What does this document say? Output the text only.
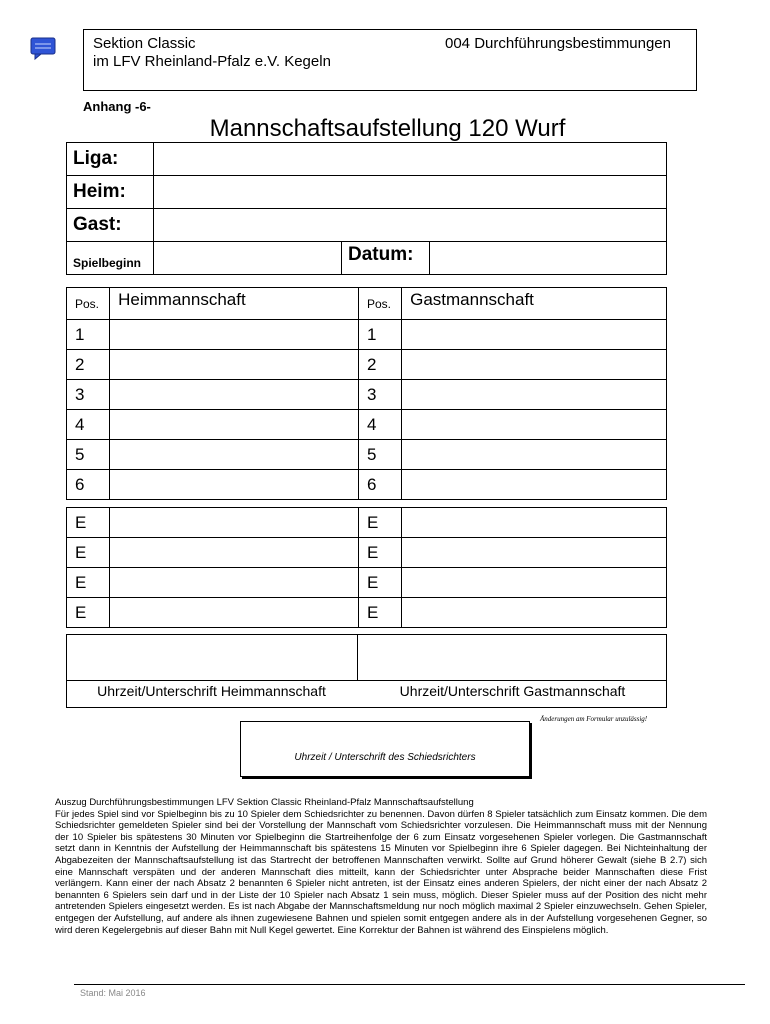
Sektion Classic
im LFV Rheinland-Pfalz e.V. Kegeln
004 Durchführungsbestimmungen
Anhang -6-
Mannschaftsaufstellung 120 Wurf
Liga:			
Heim:			
Gast:			
Spielbeginn		Datum:	
Pos.	Heimmannschaft	Pos.	Gastmannschaft
1		1	
2		2	
3		3	
4		4	
5		5	
6		6	
E		E	
E		E	
E		E	
E		E	
Uhrzeit/Unterschrift Heimmannschaft	Uhrzeit/Unterschrift Gastmannschaft
Änderungen am Formular unzulässig!
Uhrzeit / Unterschrift des Schiedsrichters

Auszug Durchführungsbestimmungen LFV Sektion Classic Rheinland-Pfalz Mannschaftsaufstellung

Für jedes Spiel sind vor Spielbeginn bis zu 10 Spieler dem Schiedsrichter zu benennen. Davon dürfen 8 Spieler tatsächlich zum Einsatz kommen. Die dem Schiedsrichter gemeldeten Spieler sind bei der Vorstellung der Mannschaft vom Schiedsrichter vorzulesen. Die Heimmannschaft muss mit der Nennung der 10 Spieler bis spätestens 30 Minuten vor Spielbeginn die Startreihenfolge der 6 zum Einsatz vorgesehenen Spieler vorlegen. Die Gastmannschaft setzt dann in Kenntnis der Aufstellung der Heimmannschaft bis spätestens 15 Minuten vor Spielbeginn ihre 6 Spieler dagegen. Bei Nichteinhaltung der Abgabezeiten der Mannschaftsaufstellung ist das Startrecht der betroffenen Mannschaften verwirkt. Sollte auf Grund höherer Gewalt (siehe B 2.7) sich eine Mannschaft verspäten und der anderen Mannschaft dies mitteilt, kann der Schiedsrichter unter Absprache beider Mannschaften diese Frist verlängern. Kann einer der nach Absatz 2 benannten 6 Spieler nicht antreten, ist der Einsatz eines anderen Spielers, der nicht einer der nach Absatz 2 benannten 6 Spielers sein darf und in der Liste der 10 Spieler nach Absatz 1 sein muss, möglich. Dieser Spieler muss auf der Position des nicht mehr antretenden Spielers eingesetzt werden. Es ist nach Abgabe der Mannschaftsmeldung nur noch möglich maximal 2 Spieler einzuwechseln. Gehen Spieler, entgegen der Aufstellung, auf andere als ihnen zugewiesene Bahnen und spielen somit entgegen andere als in der Aufstellung vorgesehenen Gegner, so wird deren Kegelergebnis auf dieser Bahn mit Null Kegel gewertet. Eine Korrektur der Bahnen ist während des Einspielens möglich.

Stand: Mai 2016
